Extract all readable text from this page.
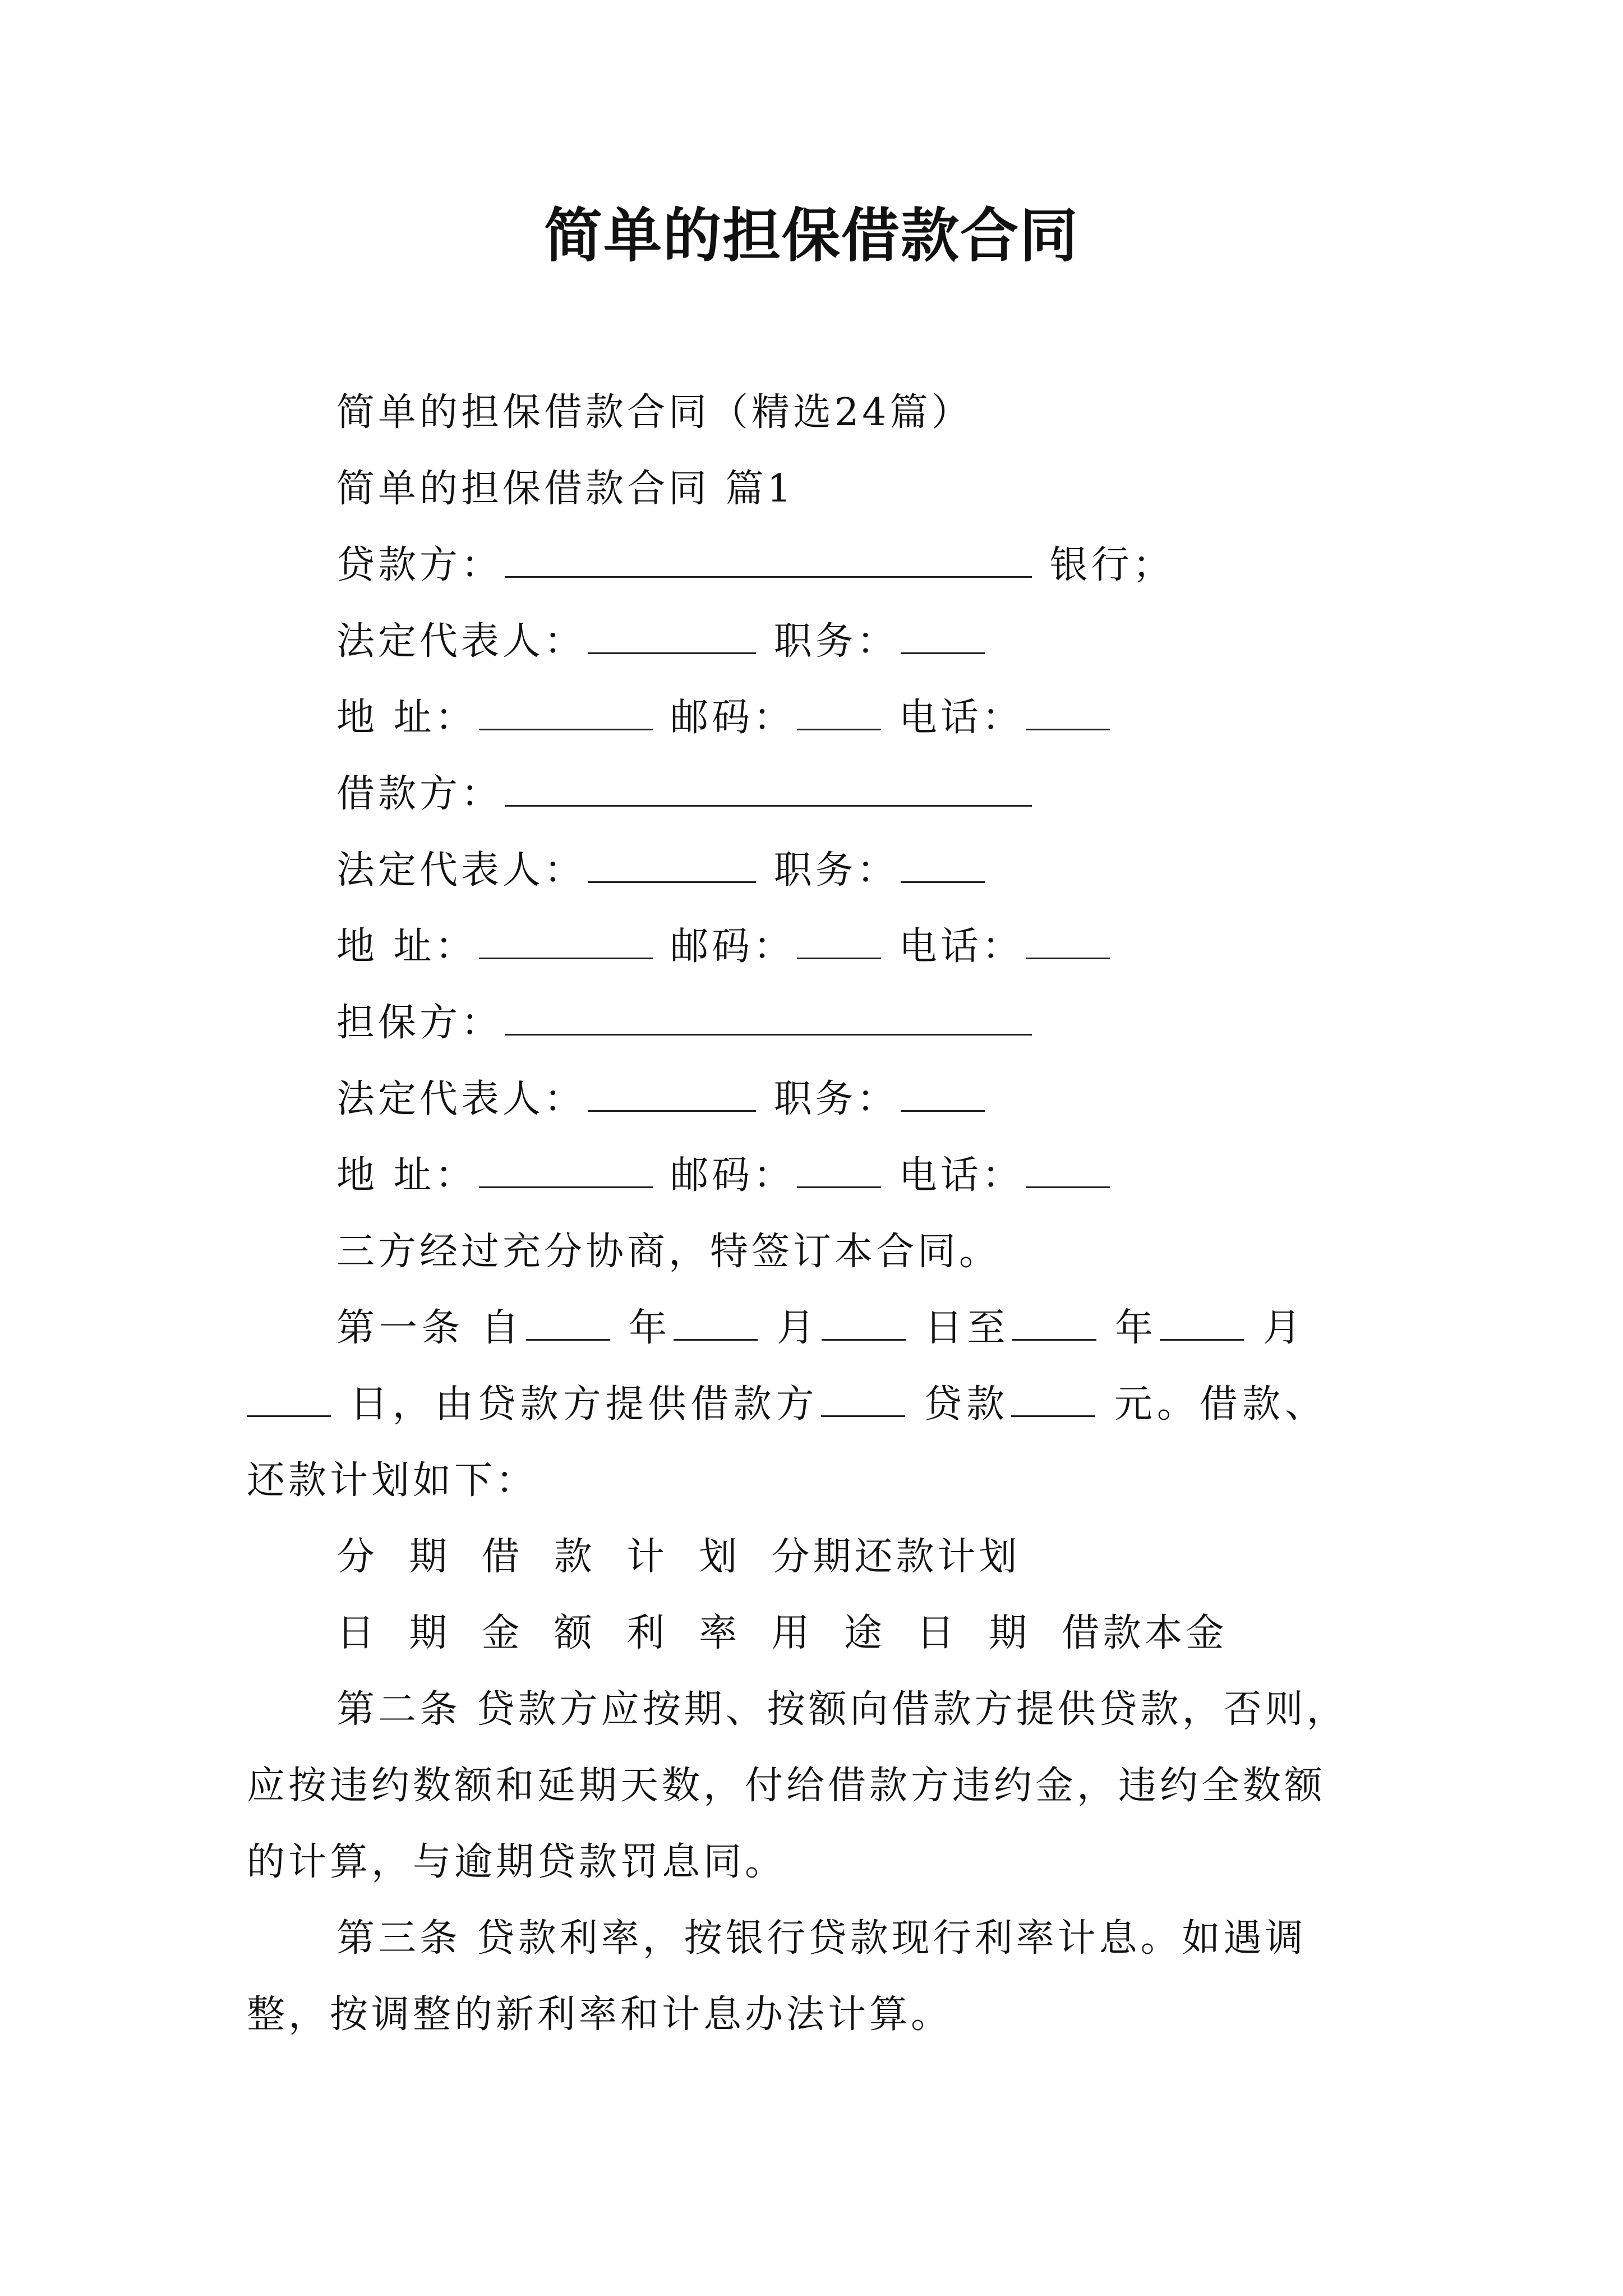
简单的担保借款合同
简单的担保借款合同（精选24篇）
简单的担保借款合同 篇1
贷款方：	银行；
法定代表人：	职务：
地 址：	邮码：	电话：
借款方：
法定代表人：	职务：
地 址：	邮码：	电话：
担保方：
法定代表人：	职务：
地 址：	邮码：	电话：
三方经过充分协商，特签订本合同。
第一条 自	年	月	日至	年	月
日，由贷款方提供借款方	贷款	元。借款、
还款计划如下：
分 期 借 款 计 划 分期还款计划
日 期 金 额 利 率 用 途 日 期 借款本金
第二条 贷款方应按期、按额向借款方提供贷款，否则，
应按违约数额和延期天数，付给借款方违约金，违约全数额
的计算，与逾期贷款罚息同。
第三条 贷款利率，按银行贷款现行利率计息。如遇调
整，按调整的新利率和计息办法计算。
